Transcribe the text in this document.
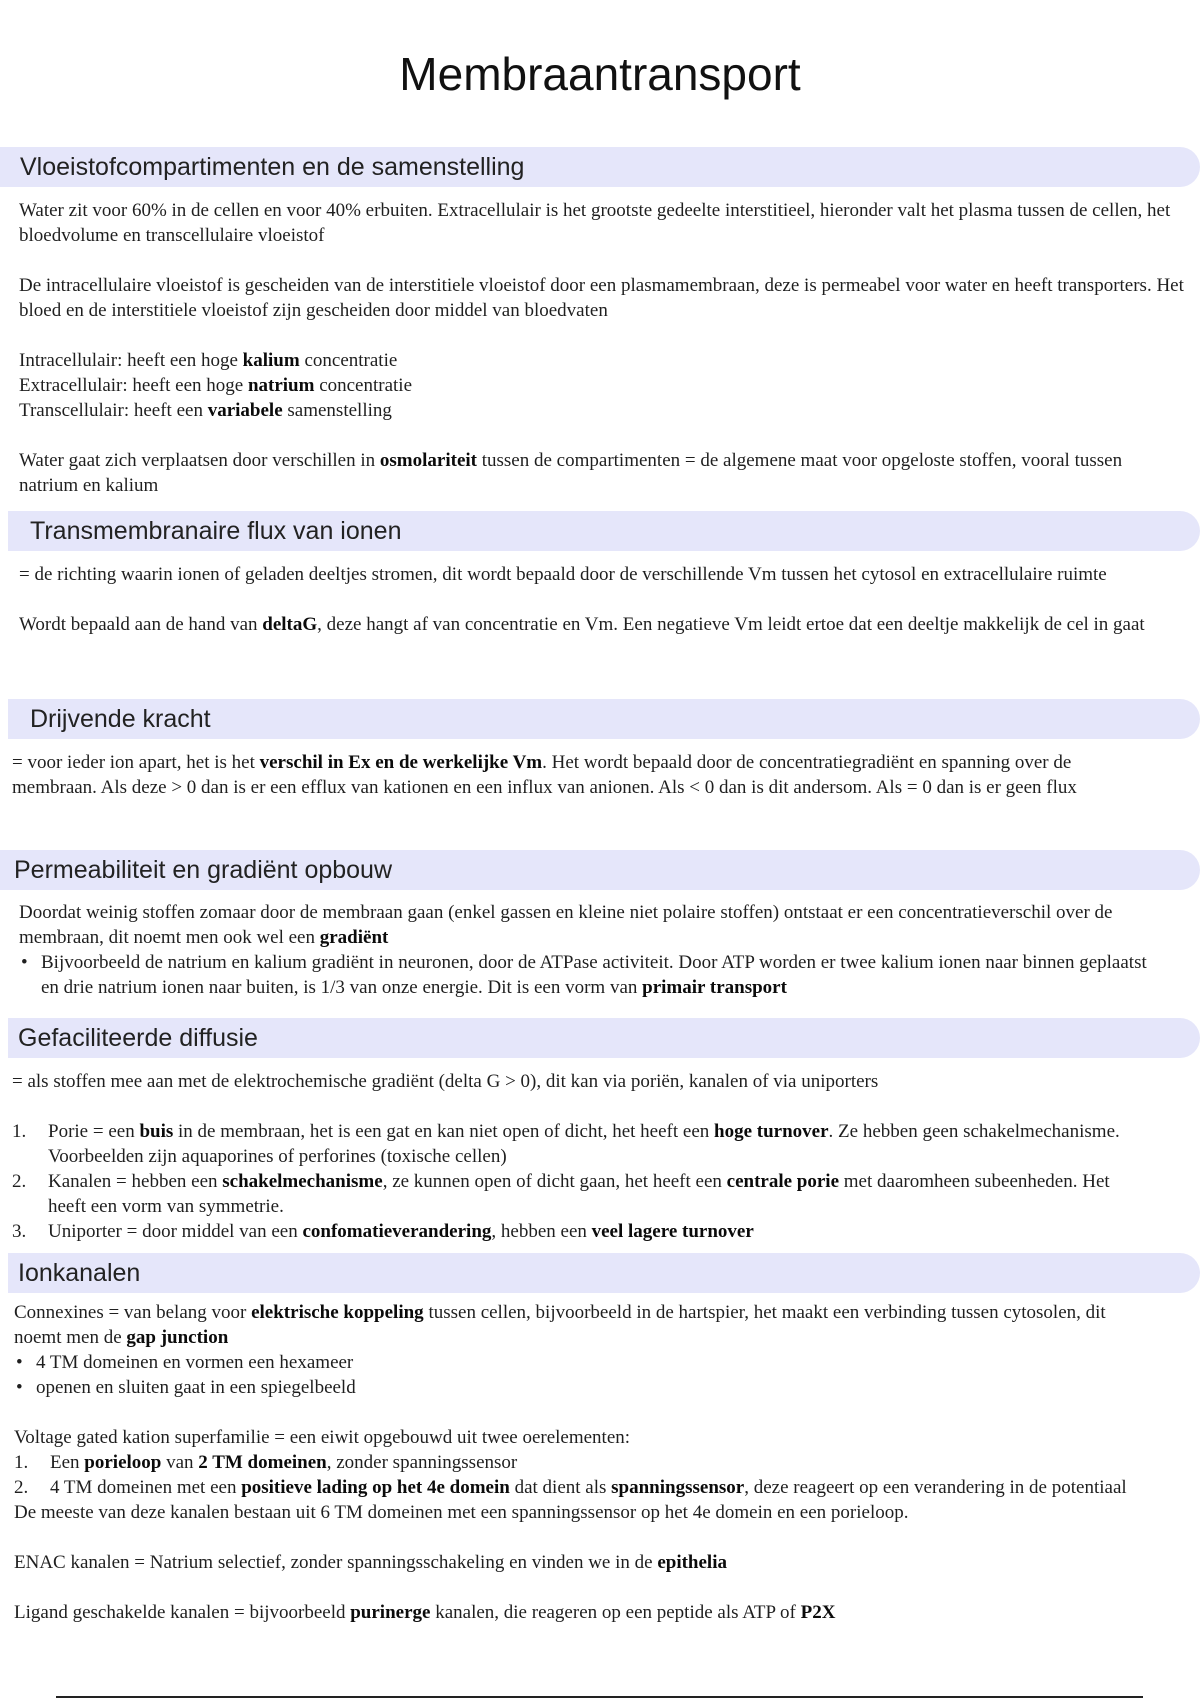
Membraantransport
Vloeistofcompartimenten en de samenstelling

Water zit voor 60% in de cellen en voor 40% erbuiten. Extracellulair is het grootste gedeelte interstitieel, hieronder valt het plasma tussen de cellen, het bloedvolume en transcellulaire vloeistof

De intracellulaire vloeistof is gescheiden van de interstitiele vloeistof door een plasmamembraan, deze is permeabel voor water en heeft transporters. Het bloed en de interstitiele vloeistof zijn gescheiden door middel van bloedvaten

Intracellulair: heeft een hoge kalium concentratie

Extracellulair: heeft een hoge natrium concentratie

Transcellulair: heeft een variabele samenstelling

Water gaat zich verplaatsen door verschillen in osmolariteit tussen de compartimenten = de algemene maat voor opgeloste stoffen, vooral tussen natrium en kalium

Transmembranaire flux van ionen

= de richting waarin ionen of geladen deeltjes stromen, dit wordt bepaald door de verschillende Vm tussen het cytosol en extracellulaire ruimte

Wordt bepaald aan de hand van deltaG, deze hangt af van concentratie en Vm. Een negatieve Vm leidt ertoe dat een deeltje makkelijk de cel in gaat

Drijvende kracht

= voor ieder ion apart, het is het verschil in Ex en de werkelijke Vm. Het wordt bepaald door de concentratiegradiënt en spanning over de membraan. Als deze > 0 dan is er een efflux van kationen en een influx van anionen. Als < 0 dan is dit andersom. Als = 0 dan is er geen flux

Permeabiliteit en gradiënt opbouw

Doordat weinig stoffen zomaar door de membraan gaan (enkel gassen en kleine niet polaire stoffen) ontstaat er een concentratieverschil over de membraan, dit noemt men ook wel een gradiënt

• Bijvoorbeeld de natrium en kalium gradiënt in neuronen, door de ATPase activiteit. Door ATP worden er twee kalium ionen naar binnen geplaatst en drie natrium ionen naar buiten, is 1/3 van onze energie. Dit is een vorm van primair transport

Gefaciliteerde diffusie

= als stoffen mee aan met de elektrochemische gradiënt (delta G > 0), dit kan via poriën, kanalen of via uniporters

1. Porie = een buis in de membraan, het is een gat en kan niet open of dicht, het heeft een hoge turnover. Ze hebben geen schakelmechanisme. Voorbeelden zijn aquaporines of perforines (toxische cellen)

2. Kanalen = hebben een schakelmechanisme, ze kunnen open of dicht gaan, het heeft een centrale porie met daaromheen subeenheden. Het heeft een vorm van symmetrie.

3. Uniporter = door middel van een confomatieverandering, hebben een veel lagere turnover

Ionkanalen

Connexines = van belang voor elektrische koppeling tussen cellen, bijvoorbeeld in de hartspier, het maakt een verbinding tussen cytosolen, dit noemt men de gap junction

• 4 TM domeinen en vormen een hexameer

• openen en sluiten gaat in een spiegelbeeld

Voltage gated kation superfamilie = een eiwit opgebouwd uit twee oerelementen:

1. Een porieloop van 2 TM domeinen, zonder spanningssensor

2. 4 TM domeinen met een positieve lading op het 4e domein dat dient als spanningssensor, deze reageert op een verandering in de potentiaal

De meeste van deze kanalen bestaan uit 6 TM domeinen met een spanningssensor op het 4e domein en een porieloop.

ENAC kanalen = Natrium selectief, zonder spanningsschakeling en vinden we in de epithelia

Ligand geschakelde kanalen = bijvoorbeeld purinerge kanalen, die reageren op een peptide als ATP of P2X
